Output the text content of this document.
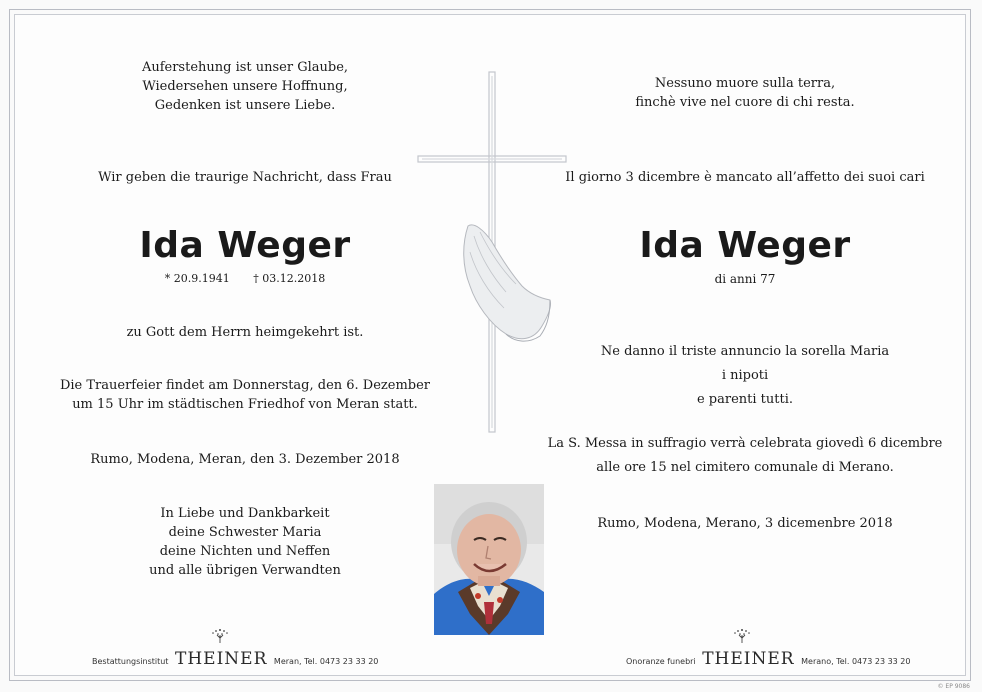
Auferstehung ist unser Glaube,
Wiedersehen unsere Hoffnung,
Gedenken ist unsere Liebe.
Wir geben die traurige Nachricht, dass Frau
Ida Weger
* 20.9.1941 † 03.12.2018
zu Gott dem Herrn heimgekehrt ist.
Die Trauerfeier findet am Donnerstag, den 6. Dezember
um 15 Uhr im städtischen Friedhof von Meran statt.
Rumo, Modena, Meran, den 3. Dezember 2018
In Liebe und Dankbarkeit
deine Schwester Maria
deine Nichten und Neffen
und alle übrigen Verwandten
Nessuno muore sulla terra,
finchè vive nel cuore di chi resta.
Il giorno 3 dicembre è mancato all’affetto dei suoi cari
Ida Weger
di anni 77
Ne danno il triste annuncio la sorella Maria
i nipoti
e parenti tutti.
La S. Messa in suffragio verrà celebrata giovedì 6 dicembre
alle ore 15 nel cimitero comunale di Merano.
Rumo, Modena, Merano, 3 dicemenbre 2018
Bestattungsinstitut THEINER Meran, Tel. 0473 23 33 20	Onoranze funebri THEINER Merano, Tel. 0473 23 33 20
© EP 9086
